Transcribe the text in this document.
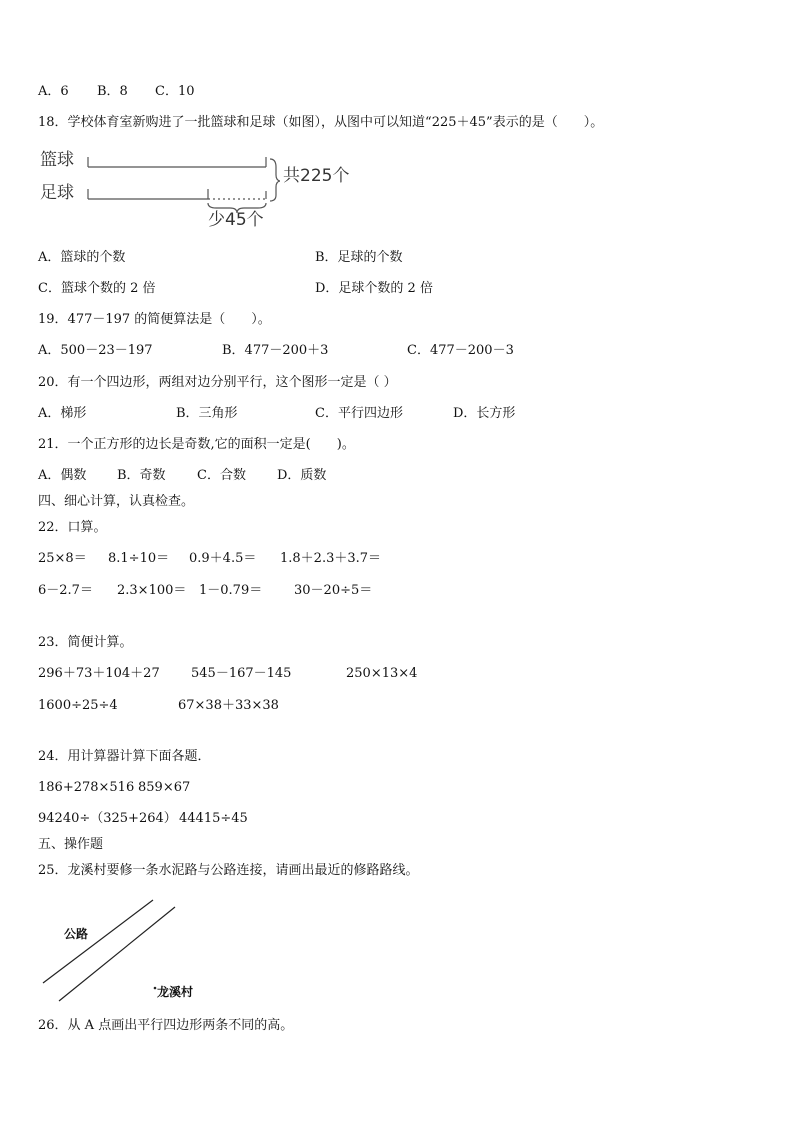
A．6 B．8 C．10
18．学校体育室新购进了一批篮球和足球（如图），从图中可以知道“225＋45”表示的是（　　）。
篮球
足球
共225个
少45个
A．篮球的个数	B．足球的个数
C．篮球个数的 2 倍	D．足球个数的 2 倍
19．477－197 的简便算法是（　　）。
A．500－23－197	B．477－200＋3	C．477－200－3
20．有一个四边形，两组对边分别平行，这个图形一定是（ ）
A．梯形	B．三角形	C．平行四边形	D．长方形
21．一个正方形的边长是奇数,它的面积一定是(　　)。
A．偶数 B．奇数 C．合数 D．质数
四、细心计算，认真检查。
22．口算。
25×8＝ 8.1÷10＝ 0.9＋4.5＝ 1.8＋2.3＋3.7＝
6－2.7＝ 2.3×100＝ 1－0.79＝ 30－20÷5＝
23．简便计算。
296＋73＋104＋27 545－167－145	250×13×4
1600÷25÷4	67×38＋33×38
24．用计算器计算下面各题．
186+278×516 859×67
94240÷（325+264） 44415÷45
五、操作题
25．龙溪村要修一条水泥路与公路连接，请画出最近的修路路线。
公路
龙溪村
26．从 A 点画出平行四边形两条不同的高。
